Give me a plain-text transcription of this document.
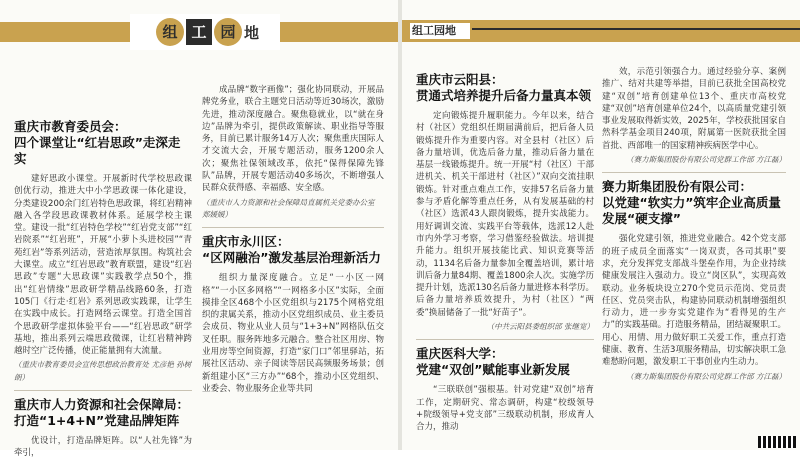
组 工 园 地
重庆市教育委员会：
四个课堂让“红岩思政”走深走实

建好思政小课堂。开展新时代学校思政课创优行动，推进大中小学思政课一体化建设，分类建设200余门红岩特色思政课，将红岩精神融入各学段思政课教材体系。延展学校主课堂。建设一批“红岩特色学校”“红岩党支部”“红岩院系”“红岩班”，开展“小萝卜头进校园”“青苑红岩”等系列活动，营造浓厚氛围。构筑社会大课堂。成立“红岩思政”教育联盟，建设“红岩思政”专题“大思政课”实践教学点50个，推出“红岩情缘”思政研学精品线路60条，打造105门《行走·红岩》系列思政实践课，让学生在实践中成长。打造网络云课堂。打造全国首个思政研学虚拟体验平台——“红岩思政”研学基地，推出系列云端思政微课，让红岩精神跨越时空广泛传播，使正能量拥有大流量。

（重庆市教育委员会宣传思想政治教育处 尤彦艳 孙树朗）

重庆市人力资源和社会保障局：
打造“1+4+N”党建品牌矩阵

优设计，打造品牌矩阵。以“人社先锋”为牵引，

成品牌“数字画像”；强化协同联动，开展品牌党务业，联合主题党日活动等近30场次，激励先进，推动深度融合。聚焦稳就业，以“就在身边”品牌为牵引，提供政策解读、职业指导等服务，目前已累计服务14万人次；聚焦重庆国际人才交流大会，开展专题活动，服务1200余人次；聚焦社保领域改革，依托“保得保障先锋队”品牌，开展专题活动40多场次，不断增强人民群众获得感、幸福感、安全感。

（重庆市人力资源和社会保障局直属机关党委办公室 郑媛媛）

重庆市永川区：
“区网融治”激发基层治理新活力

组织力量深度融合。立足“一小区一网格”“一小区多网格”“一网格多小区”实际，全面摸排全区468个小区党组织与2175个网格党组织的隶属关系，推动小区党组织成员、业主委员会成员、物业从业人员与“1+3+N”网格队伍交叉任职。服务阵地多元融合。整合社区用房、物业用房等空间资源，打造“家门口”邻里驿站，拓展社区活动、亲子阅读等居民高频服务场景；创新组建小区“三方办”“68个，推动小区党组织、业委会、物业服务企业等共同

组工园地
重庆市云阳县：
贯通式培养提升后备力量真本领

定向锻炼提升履职能力。今年以来，结合村（社区）党组织任期届满前后，把后备人员锻炼提升作为重要内容。对全县村（社区）后备力量培训，优选后备力量，推动后备力量在基层一线锻炼提升。统一开展“村（社区）干部进机关、机关干部进村（社区）”双向交流挂职锻炼。针对重点难点工作，安排57名后备力量参与矛盾化解等重点任务，从有发展基础的村（社区）选派43人跟岗锻炼，提升实战能力。用好调训交流、实践平台等载体，选派12人赴市内外学习考察，学习借鉴经验做法。培训提升能力。组织开展技能比武、知识竞赛等活动，1134名后备力量参加全覆盖培训，累计培训后备力量84期、覆盖1800余人次。实施学历提升计划，选派130名后备力量进修本科学历。后备力量培养质效提升，为村（社区）“两委”换届储备了一批“好苗子”。

（中共云阳县委组织部 张继宽）

重庆医科大学：
党建“双创”赋能事业新发展

“三联联创”强根基。针对党建“双创”培育工作，定期研究、常态调研，构建“校级领导+院级领导+党支部”三级联动机制，形成育人合力，推动

效，示范引领强合力。通过经验分享、案例推广、结对共建等举措，目前已获批全国高校党建“双创”培育创建单位13个、重庆市高校党建“双创”培育创建单位24个，以高质量党建引领事业发展取得新实效，2025年，学校获批国家自然科学基金项目240项，附属第一医院获批全国首批、西部唯一的国家精神疾病医学中心。

（赛力斯集团股份有限公司党群工作部 方江磊）

赛力斯集团股份有限公司：
以党建“软实力”筑牢企业高质量发展“硬支撑”

强化党建引领，推进党业融合。42个党支部的班子成员全面落实“一岗双责，各司其职”要求，充分发挥党支部战斗堡垒作用，为企业持续健康发展注入强动力。设立“岗区队”，实现高效联动。业务板块设立270个党员示范岗、党员责任区、党员突击队，构建协同联动机制增强组织行动力，进一步夯实党建作为“看得见的生产力”的实践基础。打造服务精品，团结凝聚职工。用心、用情、用力做好职工关爱工作，重点打造健康、教育、生活3项服务精品，切实解决职工急难愁盼问题，激发职工干事创业内生动力。

（赛力斯集团股份有限公司党群工作部 方江磊）
